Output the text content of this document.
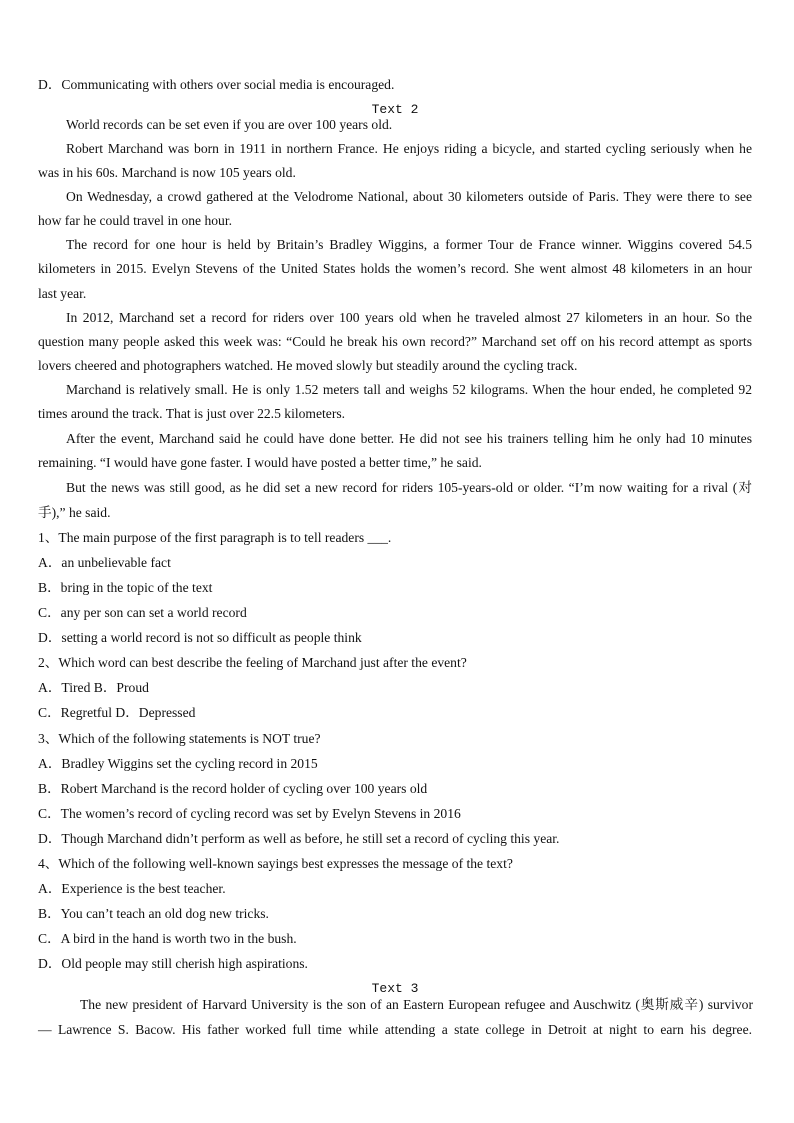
D．Communicating with others over social media is encouraged.
Text 2
World records can be set even if you are over 100 years old.
Robert Marchand was born in 1911 in northern France. He enjoys riding a bicycle, and started cycling seriously when he
was in his 60s. Marchand is now 105 years old.
On Wednesday, a crowd gathered at the Velodrome National, about 30 kilometers outside of Paris. They were there to see
how far he could travel in one hour.
The record for one hour is held by Britain’s Bradley Wiggins, a former Tour de France winner. Wiggins covered 54.5
kilometers in 2015. Evelyn Stevens of the United States holds the women’s record. She went almost 48 kilometers in an hour
last year.
In 2012, Marchand set a record for riders over 100 years old when he traveled almost 27 kilometers in an hour. So the
question many people asked this week was: “Could he break his own record?” Marchand set off on his record attempt as sports
lovers cheered and photographers watched. He moved slowly but steadily around the cycling track.
Marchand is relatively small. He is only 1.52 meters tall and weighs 52 kilograms. When the hour ended, he completed 92
times around the track. That is just over 22.5 kilometers.
After the event, Marchand said he could have done better. He did not see his trainers telling him he only had 10 minutes
remaining. “I would have gone faster. I would have posted a better time,” he said.
But the news was still good, as he did set a new record for riders 105-years-old or older. “I’m now waiting for a rival (对
手),” he said.
1、The main purpose of the first paragraph is to tell readers ___.
A．an unbelievable fact
B．bring in the topic of the text
C．any per son can set a world record
D．setting a world record is not so difficult as people think
2、Which word can best describe the feeling of Marchand just after the event?
A．Tired B．Proud
C．Regretful D．Depressed
3、Which of the following statements is NOT true?
A．Bradley Wiggins set the cycling record in 2015
B．Robert Marchand is the record holder of cycling over 100 years old
C．The women’s record of cycling record was set by Evelyn Stevens in 2016
D．Though Marchand didn’t perform as well as before, he still set a record of cycling this year.
4、Which of the following well-known sayings best expresses the message of the text?
A．Experience is the best teacher.
B．You can’t teach an old dog new tricks.
C．A bird in the hand is worth two in the bush.
D．Old people may still cherish high aspirations.
Text 3
The new president of Harvard University is the son of an Eastern European refugee and Auschwitz (奥斯威辛) survivor
— Lawrence S. Bacow. His father worked full time while attending a state college in Detroit at night to earn his degree.
